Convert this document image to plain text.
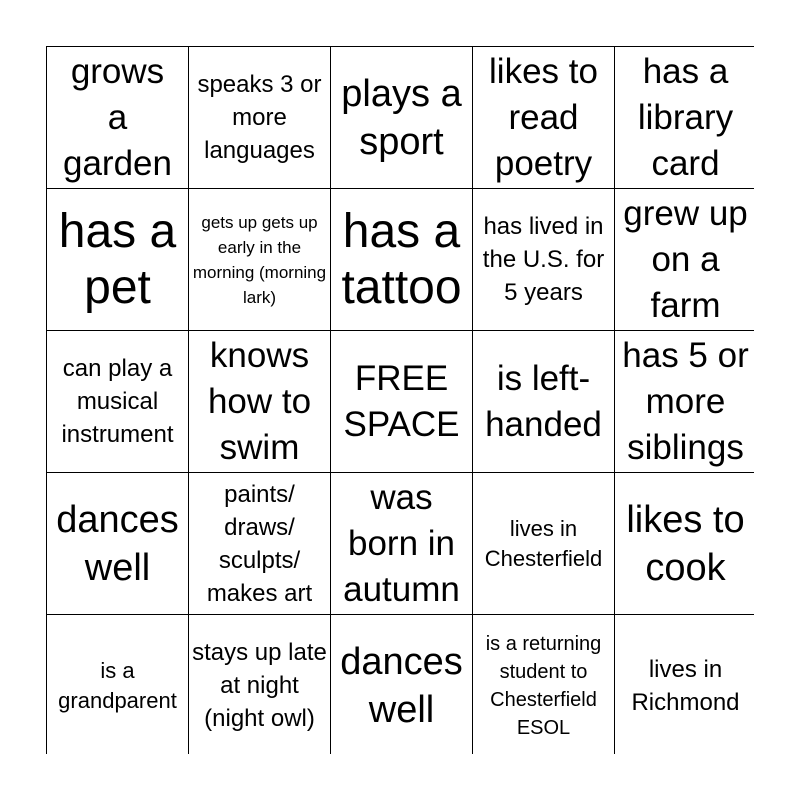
grows a garden
speaks 3 or more languages
plays a sport
likes to read poetry
has a library card
has a pet
gets up gets up early in the morning (morning lark)
has a tattoo
has lived in the U.S. for 5 years
grew up on a farm
can play a musical instrument
knows how to swim
FREE SPACE
is left-handed
has 5 or more siblings
dances well
paints/ draws/ sculpts/ makes art
was born in autumn
lives in Chesterfield
likes to cook
is a grandparent
stays up late at night (night owl)
dances well
is a returning student to Chesterfield ESOL
lives in Richmond
